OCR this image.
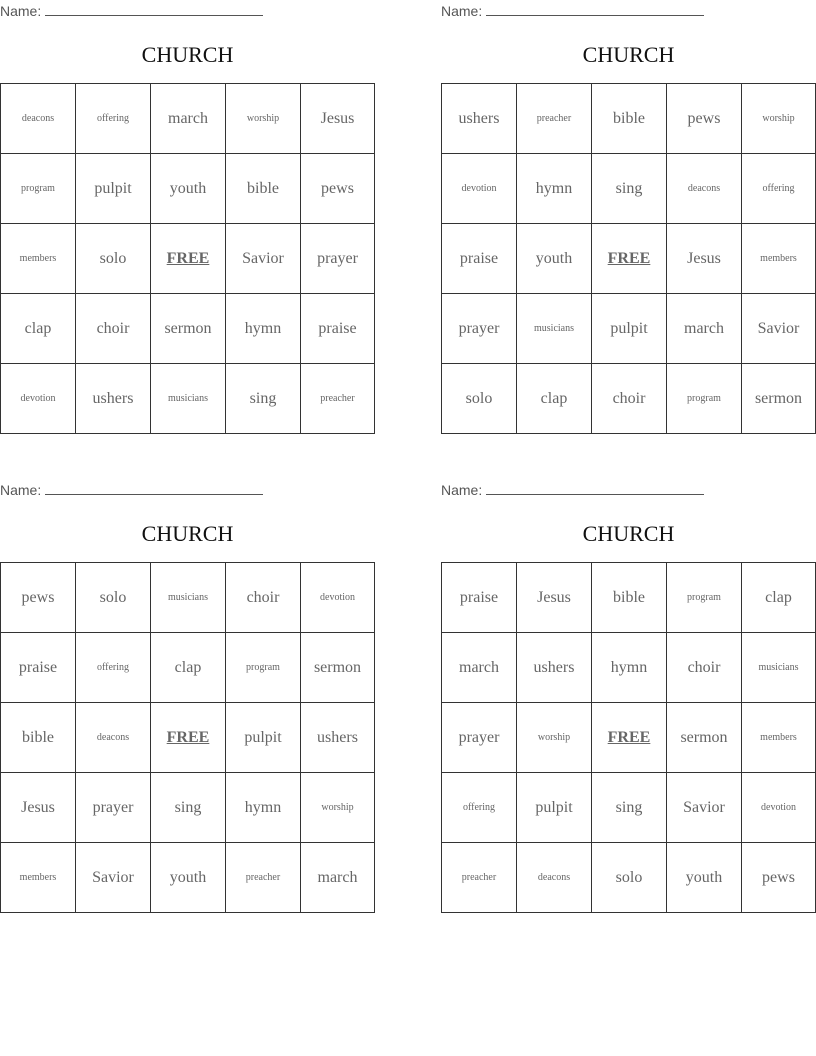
Name:
CHURCH
deacons	offering	march	worship	Jesus
program	pulpit	youth	bible	pews
members	solo	FREE	Savior	prayer
clap	choir	sermon	hymn	praise
devotion	ushers	musicians	sing	preacher
Name:
CHURCH
ushers	preacher	bible	pews	worship
devotion	hymn	sing	deacons	offering
praise	youth	FREE	Jesus	members
prayer	musicians	pulpit	march	Savior
solo	clap	choir	program	sermon
Name:
CHURCH
pews	solo	musicians	choir	devotion
praise	offering	clap	program	sermon
bible	deacons	FREE	pulpit	ushers
Jesus	prayer	sing	hymn	worship
members	Savior	youth	preacher	march
Name:
CHURCH
praise	Jesus	bible	program	clap
march	ushers	hymn	choir	musicians
prayer	worship	FREE	sermon	members
offering	pulpit	sing	Savior	devotion
preacher	deacons	solo	youth	pews
